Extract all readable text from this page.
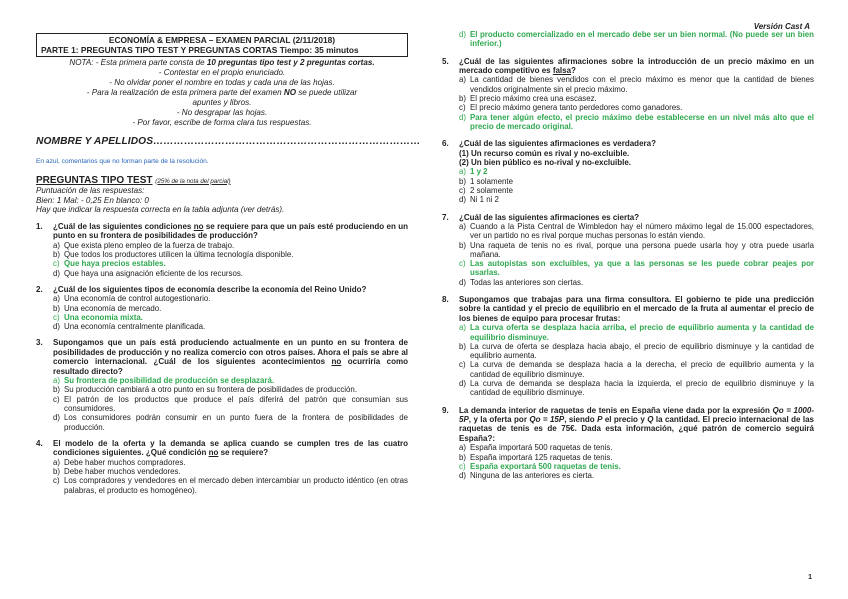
Versión Cast A
ECONOMÍA & EMPRESA – EXAMEN PARCIAL (2/11/2018)
PARTE 1: PREGUNTAS TIPO TEST Y PREGUNTAS CORTAS Tiempo: 35 minutos
NOTA: - Esta primera parte consta de 10 preguntas tipo test y 2 preguntas cortas.
- Contestar en el propio enunciado.
- No olvidar poner el nombre en todas y cada una de las hojas.
- Para la realización de esta primera parte del examen NO se puede utilizar apuntes y libros.
- No desgrapar las hojas.
- Por favor, escribe de forma clara tus respuestas.
NOMBRE Y APELLIDOS……………………………………………………………………
En azul, comentarios que no forman parte de la resolución.
PREGUNTAS TIPO TEST (25% de la nota del parcial)
Puntuación de las respuestas:
Bien: 1 Mal: - 0,25 En blanco: 0
Hay que indicar la respuesta correcta en la tabla adjunta (ver detrás).
1.	¿Cuál de las siguientes condiciones no se requiere para que un país esté produciendo en un punto en su frontera de posibilidades de producción?
a) Que exista pleno empleo de la fuerza de trabajo.
b) Que todos los productores utilicen la última tecnología disponible.
c) Que haya precios estables.
d) Que haya una asignación eficiente de los recursos.
2.	¿Cuál de los siguientes tipos de economía describe la economía del Reino Unido?
a) Una economía de control autogestionario.
b) Una economía de mercado.
c) Una economía mixta.
d) Una economía centralmente planificada.
3.	Supongamos que un país está produciendo actualmente en un punto en su frontera de posibilidades de producción y no realiza comercio con otros países. Ahora el país se abre al comercio internacional. ¿Cuál de los siguientes acontecimientos no ocurriría como resultado directo?
a) Su frontera de posibilidad de producción se desplazará.
b) Su producción cambiará a otro punto en su frontera de posibilidades de producción.
c) El patrón de los productos que produce el país diferirá del patrón que consumían sus consumidores.
d) Los consumidores podrán consumir en un punto fuera de la frontera de posibilidades de producción.
4.	El modelo de la oferta y la demanda se aplica cuando se cumplen tres de las cuatro condiciones siguientes. ¿Qué condición no se requiere?
a) Debe haber muchos compradores.
b) Debe haber muchos vendedores.
c) Los compradores y vendedores en el mercado deben intercambiar un producto idéntico (en otras palabras, el producto es homogéneo).
d) El producto comercializado en el mercado debe ser un bien normal. (No puede ser un bien inferior.)
5.	¿Cuál de las siguientes afirmaciones sobre la introducción de un precio máximo en un mercado competitivo es falsa?
a) La cantidad de bienes vendidos con el precio máximo es menor que la cantidad de bienes vendidos originalmente sin el precio máximo.
b) El precio máximo crea una escasez.
c) El precio máximo genera tanto perdedores como ganadores.
d) Para tener algún efecto, el precio máximo debe establecerse en un nivel más alto que el precio de mercado original.
6.	¿Cuál de las siguientes afirmaciones es verdadera?
(1) Un recurso común es rival y no-excluible.
(2) Un bien público es no-rival y no-excluible.
a) 1 y 2
b) 1 solamente
c) 2 solamente
d) Ni 1 ni 2
7.	¿Cuál de las siguientes afirmaciones es cierta?
a) Cuando a la Pista Central de Wimbledon hay el número máximo legal de 15.000 espectadores, ver un partido no es rival porque muchas personas lo están viendo.
b) Una raqueta de tenis no es rival, porque una persona puede usarla hoy y otra puede usarla mañana.
c) Las autopistas son excluibles, ya que a las personas se les puede cobrar peajes por usarlas.
d) Todas las anteriores son ciertas.
8.	Supongamos que trabajas para una firma consultora. El gobierno te pide una predicción sobre la cantidad y el precio de equilibrio en el mercado de la fruta al aumentar el precio de los bienes de equipo para procesar frutas:
a) La curva oferta se desplaza hacia arriba, el precio de equilibrio aumenta y la cantidad de equilibrio disminuye.
b) La curva de oferta se desplaza hacia abajo, el precio de equilibrio disminuye y la cantidad de equilibrio aumenta.
c) La curva de demanda se desplaza hacia a la derecha, el precio de equilibrio aumenta y la cantidad de equilibrio disminuye.
d) La curva de demanda se desplaza hacia la izquierda, el precio de equilibrio disminuye y la cantidad de equilibrio disminuye.
9.	La demanda interior de raquetas de tenis en España viene dada por la expresión Qo = 1000-5P, y la oferta por Qo = 15P, siendo P el precio y Q la cantidad. El precio internacional de las raquetas de tenis es de 75€. Dada esta información, ¿qué patrón de comercio seguirá España?:
a) España importará 500 raquetas de tenis.
b) España importará 125 raquetas de tenis.
c) España exportará 500 raquetas de tenis.
d) Ninguna de las anteriores es cierta.
1
